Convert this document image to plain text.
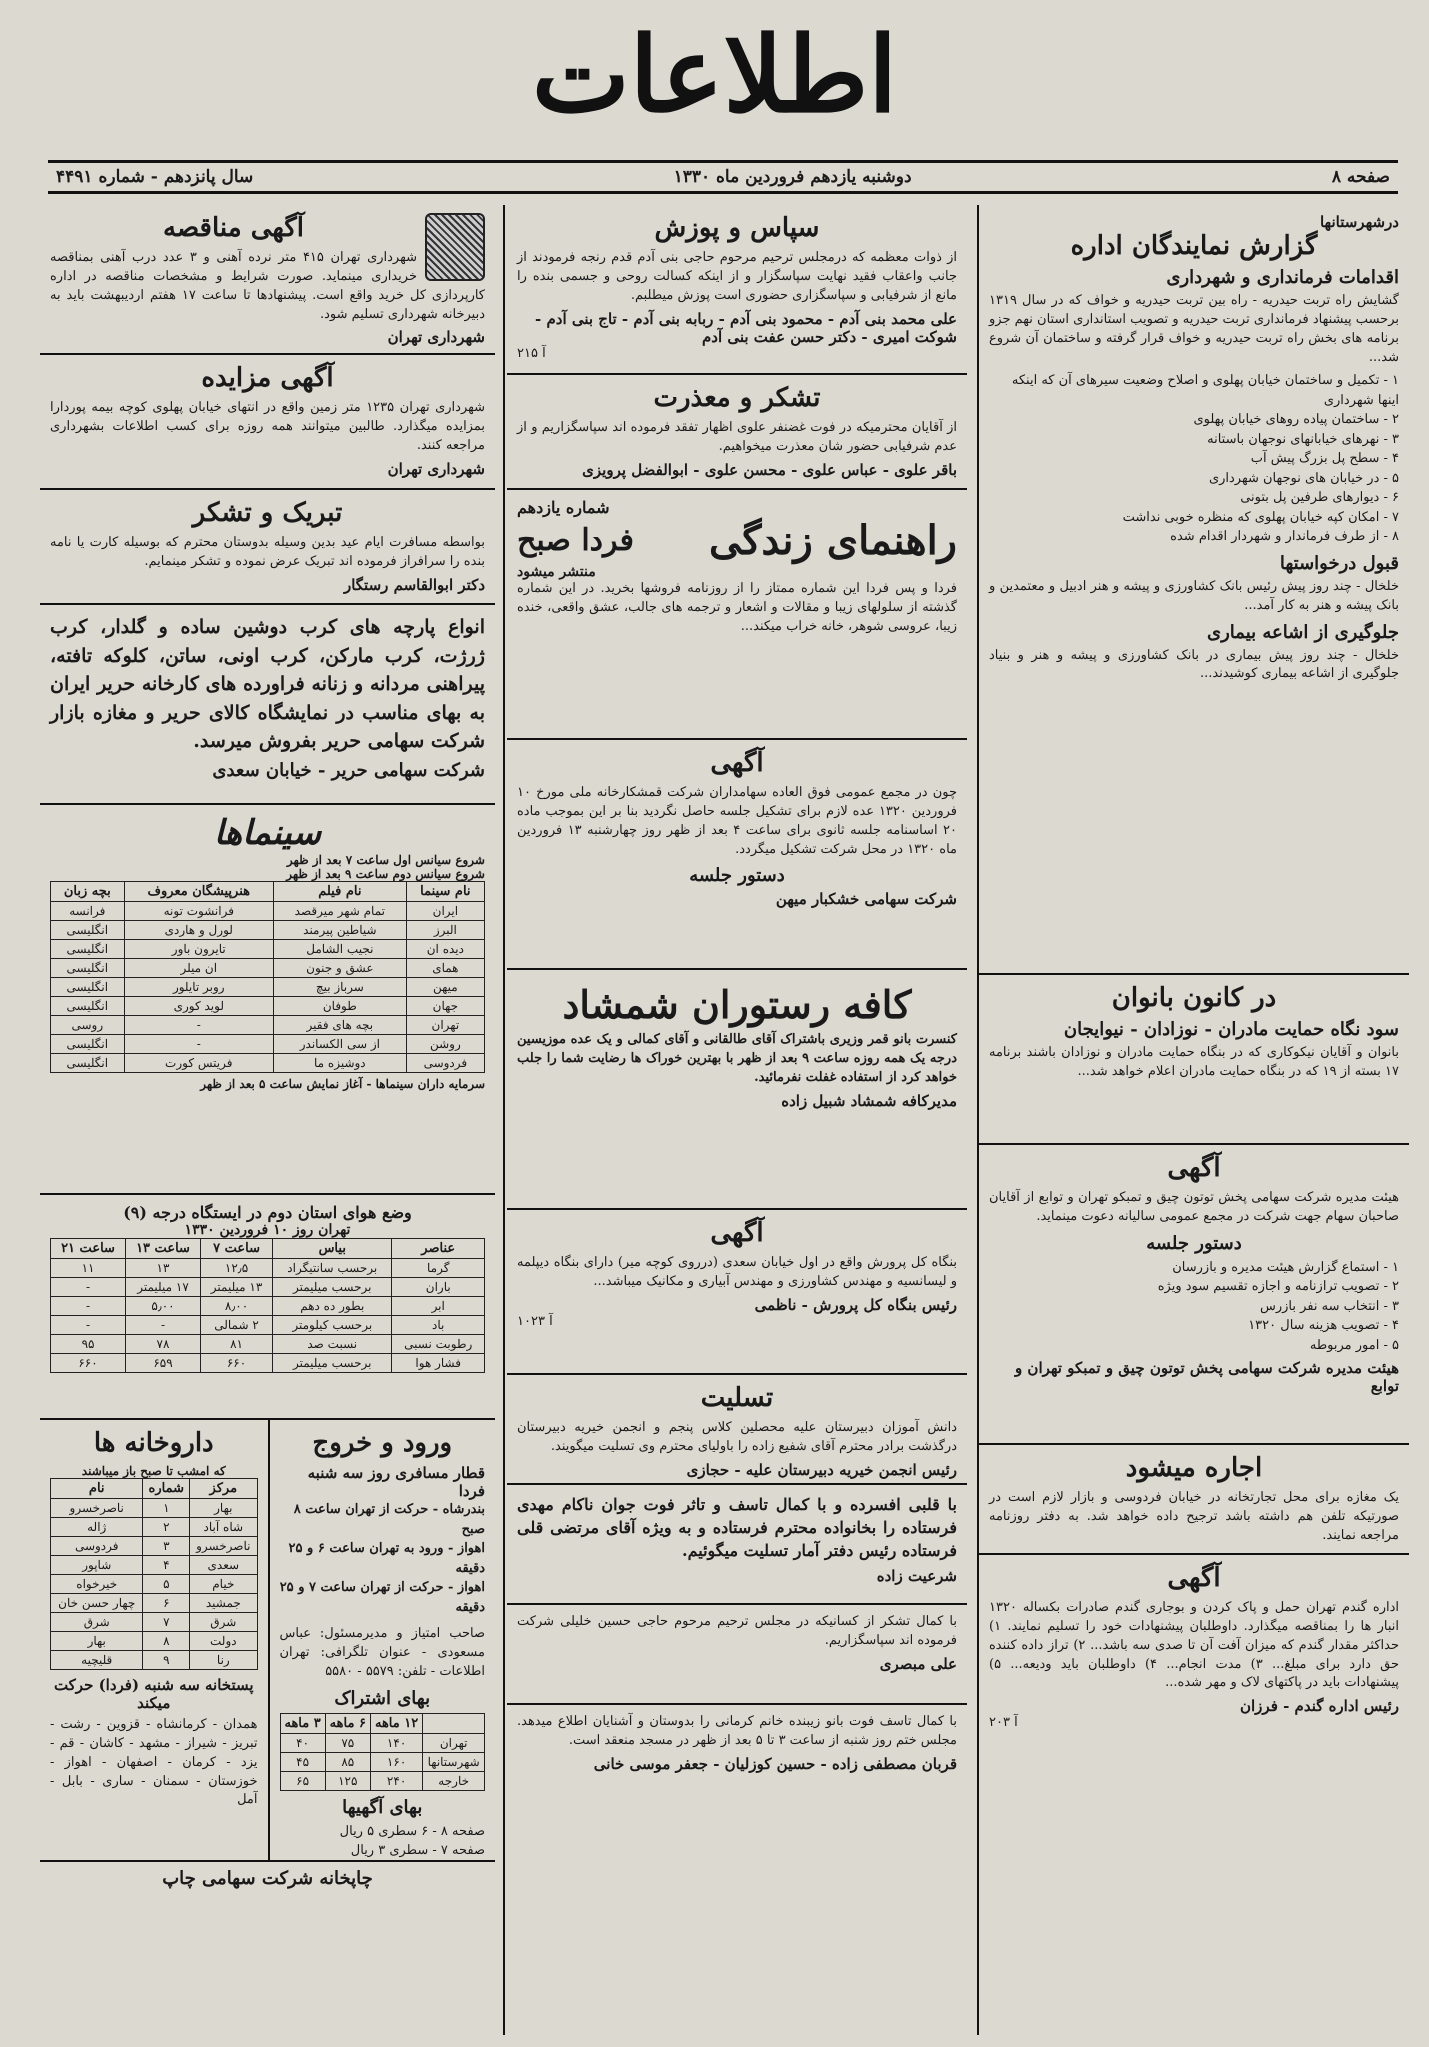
اطلاعات
صفحه ۸
دوشنبه یازدهم فروردین ماه ۱۳۳۰
سال پانزدهم - شماره ۴۴۹۱
درشهرستانها
گزارش نمایندگان اداره
اقدامات فرمانداری و شهرداری

گشایش راه تربت حیدریه - راه بین تربت حیدریه و خواف که در سال ۱۳۱۹ برحسب پیشنهاد فرمانداری تربت حیدریه و تصویب استانداری استان نهم جزو برنامه های بخش راه تربت حیدریه و خواف قرار گرفته و ساختمان آن شروع شد...

۱ - تکمیل و ساختمان خیابان پهلوی و اصلاح وضعیت سیرهای آن که اینکه اینها شهرداری
۲ - ساختمان پیاده روهای خیابان پهلوی
۳ - نهرهای خیابانهای نوجهان باستانه
۴ - سطح پل بزرگ پیش آب
۵ - در خیابان های نوجهان شهرداری
۶ - دیوارهای طرفین پل بتونی
۷ - امکان کپه خیابان پهلوی که منظره خوبی نداشت
۸ - از طرف فرماندار و شهردار اقدام شده
قبول درخواستها

خلخال - چند روز پیش رئیس بانک کشاورزی و پیشه و هنر ادبیل و معتمدین و بانک پیشه و هنر به کار آمد...

جلوگیری از اشاعه بیماری

خلخال - چند روز پیش بیماری در بانک کشاورزی و پیشه و هنر و بنیاد جلوگیری از اشاعه بیماری کوشیدند...

در کانون بانوان
سود نگاه حمایت مادران - نوزادان - نیوایجان

بانوان و آقایان نیکوکاری که در بنگاه حمایت مادران و نوزادان باشند برنامه ۱۷ بسته از ۱۹ که در بنگاه حمایت مادران اعلام خواهد شد...

آگهی

هیئت مدیره شرکت سهامی پخش توتون چیق و تمبکو تهران و توابع از آقایان صاحبان سهام جهت شرکت در مجمع عمومی سالیانه دعوت مینماید.

دستور جلسه
۱ - استماع گزارش هیئت مدیره و بازرسان
۲ - تصویب ترازنامه و اجازه تقسیم سود ویژه
۳ - انتخاب سه نفر بازرس
۴ - تصویب هزینه سال ۱۳۲۰
۵ - امور مربوطه
هیئت مدیره شرکت سهامی پخش توتون چیق و تمبکو تهران و توابع
اجاره میشود

یک مغازه برای محل تجارتخانه در خیابان فردوسی و بازار لازم است در صورتیکه تلفن هم داشته باشد ترجیح داده خواهد شد. به دفتر روزنامه مراجعه نمایند.

آگهی

اداره گندم تهران حمل و پاک کردن و بوجاری گندم صادرات بکساله ۱۳۲۰ انبار ها را بمناقصه میگذارد. داوطلبان پیشنهادات خود را تسلیم نمایند. ۱) حداکثر مقدار گندم که میزان آفت آن تا صدی سه باشد... ۲) تراز داده کننده حق دارد برای مبلغ... ۳) مدت انجام... ۴) داوطلبان باید ودیعه... ۵) پیشنهادات باید در پاکتهای لاک و مهر شده...

رئیس اداره گندم - فرزان
آ ۲۰۳
سپاس و پوزش

از ذوات معظمه که درمجلس ترحیم مرحوم حاجی بنی آدم قدم رنجه فرمودند از جانب واعقاب فقید نهایت سپاسگزار و از اینکه کسالت روحی و جسمی بنده را مانع از شرفیابی و سپاسگزاری حضوری است پوزش میطلبم.

علی محمد بنی آدم - محمود بنی آدم - ربابه بنی آدم - تاج بنی آدم - شوکت امیری - دکتر حسن عفت بنی آدم
آ ۲۱۵
تشکر و معذرت

از آقایان محترمیکه در فوت غضنفر علوی اظهار تفقد فرموده اند سپاسگزاریم و از عدم شرفیابی حضور شان معذرت میخواهیم.

باقر علوی - عباس علوی - محسن علوی - ابوالفضل پرویزی
شماره یازدهم
راهنمای زندگی
فردا صبح
منتشر میشود

فردا و پس فردا این شماره ممتاز را از روزنامه فروشها بخرید. در این شماره گذشته از سلولهای زیبا و مقالات و اشعار و ترجمه های جالب، عشق واقعی، خنده زیبا، عروسی شوهر، خانه خراب میکند...

آگهی

چون در مجمع عمومی فوق العاده سهامداران شرکت قمشکارخانه ملی مورخ ۱۰ فروردین ۱۳۲۰ عده لازم برای تشکیل جلسه حاصل نگردید بنا بر این بموجب ماده ۲۰ اساسنامه جلسه ثانوی برای ساعت ۴ بعد از ظهر روز چهارشنبه ۱۳ فروردین ماه ۱۳۲۰ در محل شرکت تشکیل میگردد.

دستور جلسه
شرکت سهامی خشکبار میهن
کافه رستوران شمشاد

کنسرت بانو قمر وزیری باشتراک آقای طالقانی و آقای کمالی و یک عده موزیسین درجه یک همه روزه ساعت ۹ بعد از ظهر با بهترین خوراک ها رضایت شما را جلب خواهد کرد از استفاده غفلت نفرمائید.

مدیرکافه شمشاد شبیل زاده
آگهی

بنگاه کل پرورش واقع در اول خیابان سعدی (درروی کوچه میر) دارای بنگاه دیپلمه و لیسانسیه و مهندس کشاورزی و مهندس آبیاری و مکانیک میباشد...

رئیس بنگاه کل پرورش - ناظمی
آ ۱۰۲۳
تسلیت

دانش آموزان دبیرستان علیه محصلین کلاس پنجم و انجمن خیریه دبیرستان درگذشت برادر محترم آقای شفیع زاده را باولیای محترم وی تسلیت میگویند.

رئیس انجمن خیریه دبیرستان علیه - حجازی

با قلبی افسرده و با کمال تاسف و تاثر فوت جوان ناکام مهدی فرستاده را بخانواده محترم فرستاده و به ویژه آقای مرتضی قلی فرستاده رئیس دفتر آمار تسلیت میگوئیم.

شرعیت زاده

با کمال تشکر از کسانیکه در مجلس ترحیم مرحوم حاجی حسین خلیلی شرکت فرموده اند سپاسگزاریم.

علی مبصری

با کمال تاسف فوت بانو زیبنده خانم کرمانی را بدوستان و آشنایان اطلاع میدهد. مجلس ختم روز شنبه از ساعت ۳ تا ۵ بعد از ظهر در مسجد منعقد است.

قربان مصطفی زاده - حسین کوزلیان - جعفر موسی خانی
آگهی مناقصه

شهرداری تهران ۴۱۵ متر نرده آهنی و ۳ عدد درب آهنی بمناقصه خریداری مینماید. صورت شرایط و مشخصات مناقصه در اداره کارپردازی کل خرید واقع است. پیشنهادها تا ساعت ۱۷ هفتم اردیبهشت باید به دبیرخانه شهرداری تسلیم شود.

شهرداری تهران
آگهی مزایده

شهرداری تهران ۱۲۳۵ متر زمین واقع در انتهای خیابان پهلوی کوچه بیمه پوردارا بمزایده میگذارد. طالبین میتوانند همه روزه برای کسب اطلاعات بشهرداری مراجعه کنند.

شهرداری تهران
تبریک و تشکر

بواسطه مسافرت ایام عید بدین وسیله بدوستان محترم که بوسیله کارت یا نامه بنده را سرافراز فرموده اند تبریک عرض نموده و تشکر مینمایم.

دکتر ابوالقاسم رستگار

انواع پارچه های کرب دوشین ساده و گلدار، کرب ژرژت، کرب مارکن، کرب اونی، ساتن، کلوکه تافته، پیراهنی مردانه و زنانه فراورده های کارخانه حریر ایران به بهای مناسب در نمایشگاه کالای حریر و مغازه بازار شرکت سهامی حریر بفروش میرسد.

شرکت سهامی حریر - خیابان سعدی
سینماها
شروع سیانس اول ساعت ۷ بعد از ظهر
شروع سیانس دوم ساعت ۹ بعد از ظهر
نام سینما	نام فیلم	هنرپیشگان معروف	بچه زبان
ایران	تمام شهر میرقصد	فرانشوت تونه	فرانسه
البرز	شیاطین پیرمند	لورل و هاردی	انگلیسی
دیده ان	نجیب الشامل	تایرون باور	انگلیسی
همای	عشق و جنون	ان میلر	انگلیسی
میهن	سرباز بیچ	روبر تایلور	انگلیسی
جهان	طوفان	لوید کوری	انگلیسی
تهران	بچه های فقیر	-	روسی
روشن	از سی الکساندر	-	انگلیسی
فردوسی	دوشیزه ما	فریتس کورت	انگلیسی
سرمایه داران سینماها - آغاز نمایش ساعت ۵ بعد از ظهر
وضع هوای استان دوم در ایستگاه درجه (۹)
تهران روز ۱۰ فروردین ۱۳۳۰
عناصر	بیاس	ساعت ۷	ساعت ۱۳	ساعت ۲۱
گرما	برحسب سانتیگراد	۱۲٫۵	۱۳	۱۱
باران	برحسب میلیمتر	۱۳ میلیمتر	۱۷ میلیمتر	-
ابر	بطور ده دهم	۸٫۰۰	۵٫۰۰	-
باد	برحسب کیلومتر	۲ شمالی	-	-
رطوبت نسبی	نسبت صد	۸۱	۷۸	۹۵
فشار هوا	برحسب میلیمتر	۶۶۰	۶۵۹	۶۶۰
ورود و خروج
قطار مسافری روز سه شنبه فردا
بندرشاه - حرکت از تهران ساعت ۸ صبح
اهواز - ورود به تهران ساعت ۶ و ۲۵ دقیقه
اهواز - حرکت از تهران ساعت ۷ و ۲۵ دقیقه

صاحب امتیاز و مدیرمسئول: عباس مسعودی - عنوان تلگرافی: تهران اطلاعات - تلفن: ۵۵۷۹ - ۵۵۸۰

بهای اشتراک
	۱۲ ماهه	۶ ماهه	۳ ماهه
تهران	۱۴۰	۷۵	۴۰
شهرستانها	۱۶۰	۸۵	۴۵
خارجه	۲۴۰	۱۲۵	۶۵
بهای آگهیها
صفحه ۸ - ۶ سطری ۵ ریال
صفحه ۷ - سطری ۳ ریال
داروخانه ها
که امشب تا صبح باز میباشند
مرکز	شماره	نام
بهار	۱	ناصرخسرو
شاه آباد	۲	ژاله
ناصرخسرو	۳	فردوسی
سعدی	۴	شاپور
خیام	۵	خیرخواه
جمشید	۶	چهار حسن خان
شرق	۷	شرق
دولت	۸	بهار
رنا	۹	قلیچیه
پستخانه سه شنبه (فردا) حرکت میکند

همدان - کرمانشاه - قزوین - رشت - تبریز - شیراز - مشهد - کاشان - قم - یزد - کرمان - اصفهان - اهواز - خوزستان - سمنان - ساری - بابل - آمل

چاپخانه شرکت سهامی چاپ
